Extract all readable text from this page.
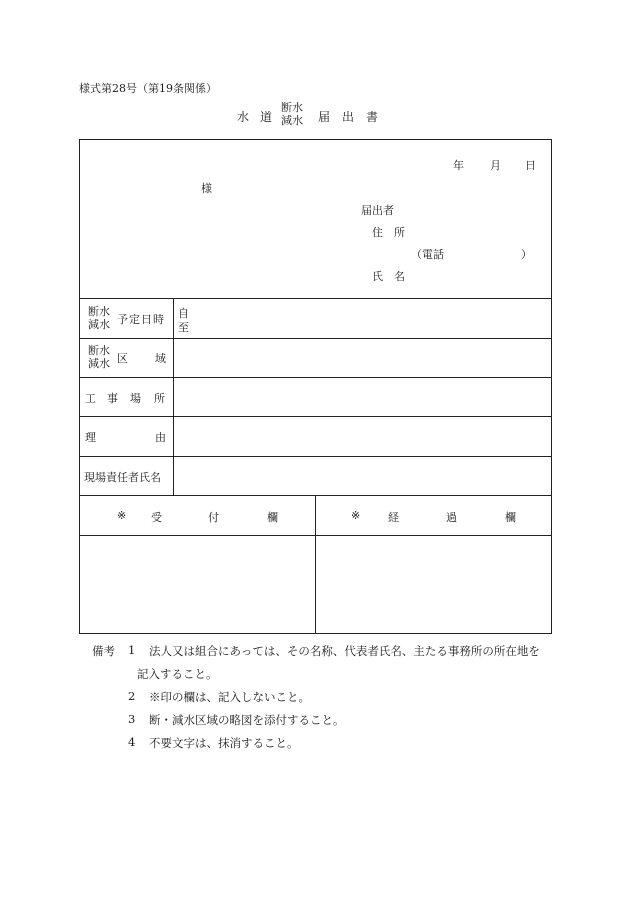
様式第28号（第19条関係）
水 道
断水
減水 届 出 書
年 月 日
様
届出者
住 所
（電話	）
氏 名
断水
減水 予定日時 自
至
断水
減水 区 域
工 事 場 所
理	由
現場責任者氏名
※ 受	付	欄	※	経	過	欄
備考 1 法人又は組合にあっては、その名称、代表者氏名、主たる事務所の所在地を
記入すること。
2 ※印の欄は、記入しないこと。
3 断・減水区域の略図を添付すること。
4 不要文字は、抹消すること。
